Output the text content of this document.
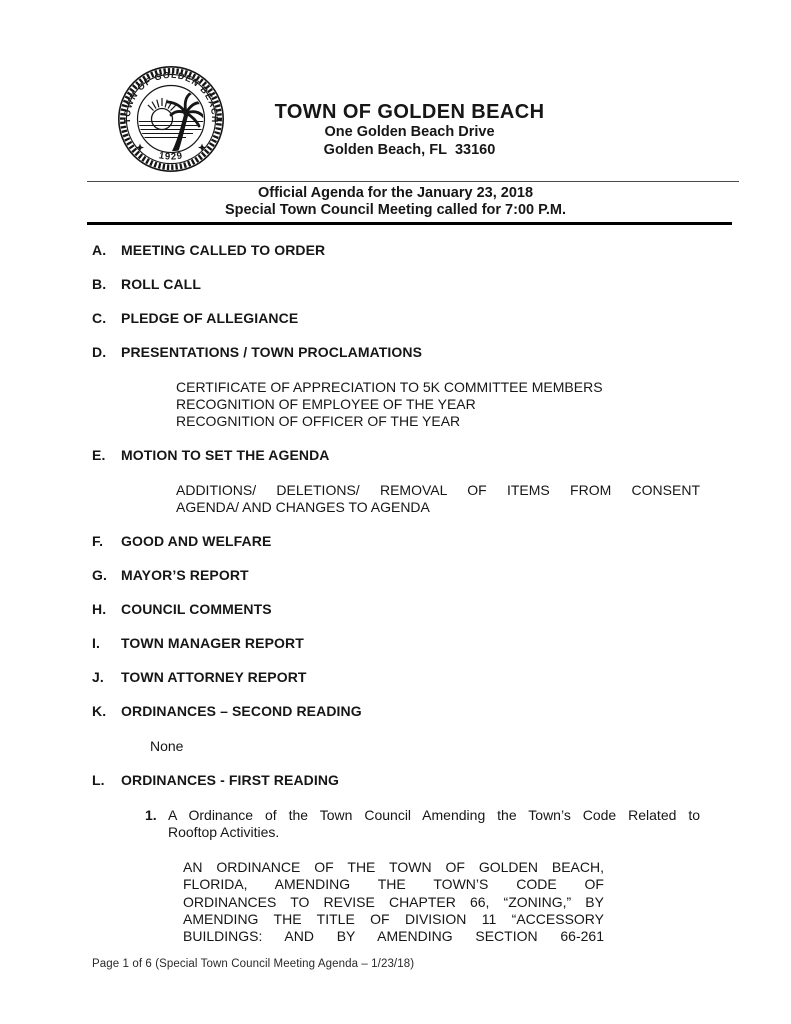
TOWN OF GOLDEN BEACH
1929
TOWN OF GOLDEN BEACH
One Golden Beach Drive
Golden Beach, FL  33160
Official Agenda for the January 23, 2018
Special Town Council Meeting called for 7:00 P.M.
A.	MEETING CALLED TO ORDER
B.	ROLL CALL
C.	PLEDGE OF ALLEGIANCE
D.	PRESENTATIONS / TOWN PROCLAMATIONS
CERTIFICATE OF APPRECIATION TO 5K COMMITTEE MEMBERS
RECOGNITION OF EMPLOYEE OF THE YEAR
RECOGNITION OF OFFICER OF THE YEAR
E.	MOTION TO SET THE AGENDA
ADDITIONS/ DELETIONS/ REMOVAL OF ITEMS FROM CONSENT
AGENDA/ AND CHANGES TO AGENDA
F.	GOOD AND WELFARE
G.	MAYOR’S REPORT
H.	COUNCIL COMMENTS
I.	TOWN MANAGER REPORT
J.	TOWN ATTORNEY REPORT
K.	ORDINANCES – SECOND READING
None
L.	ORDINANCES - FIRST READING
1. A Ordinance of the Town Council Amending the Town’s Code Related to
Rooftop Activities.
AN ORDINANCE OF THE TOWN OF GOLDEN BEACH,
FLORIDA, AMENDING THE TOWN’S CODE OF
ORDINANCES TO REVISE CHAPTER 66, “ZONING,” BY
AMENDING THE TITLE OF DIVISION 11 “ACCESSORY
BUILDINGS: AND BY AMENDING SECTION 66-261
Page 1 of 6 (Special Town Council Meeting Agenda – 1/23/18)
